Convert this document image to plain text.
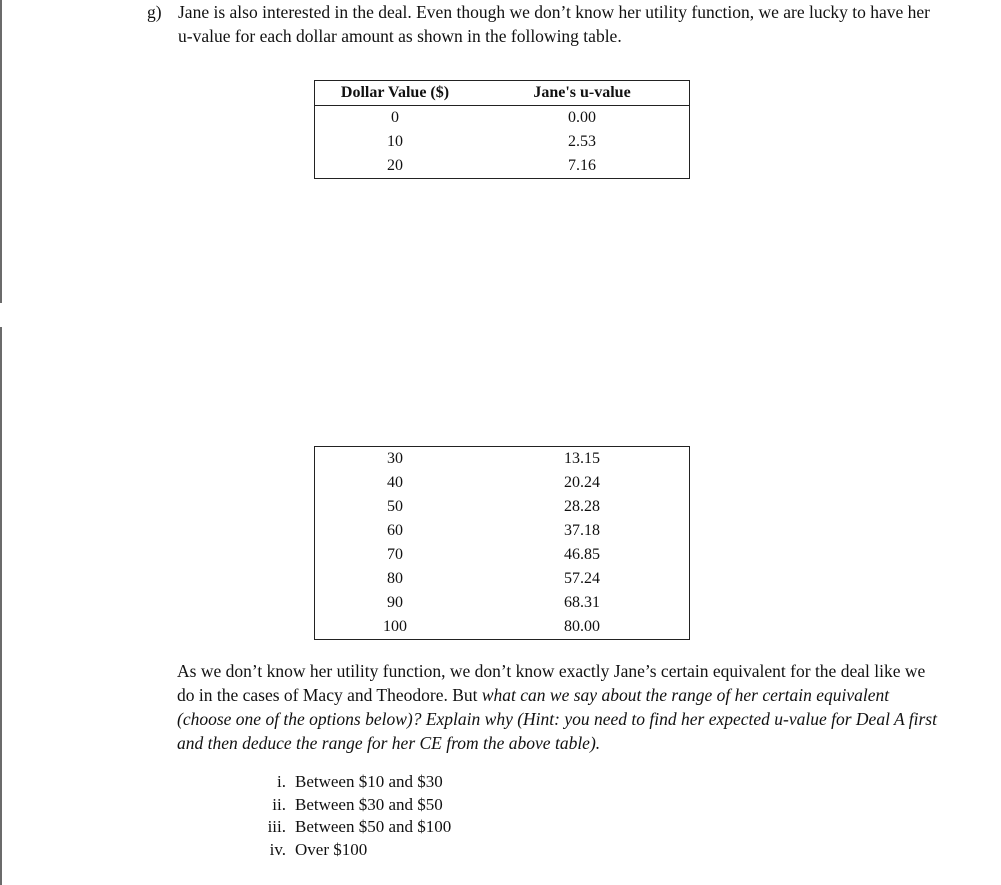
g) Jane is also interested in the deal. Even though we don’t know her utility function, we are lucky to have her u-value for each dollar amount as shown in the following table.
Dollar Value ($)	Jane's u-value
0	0.00
10	2.53
20	7.16
30	13.15
40	20.24
50	28.28
60	37.18
70	46.85
80	57.24
90	68.31
100	80.00
As we don’t know her utility function, we don’t know exactly Jane’s certain equivalent for the deal like we do in the cases of Macy and Theodore. But what can we say about the range of her certain equivalent (choose one of the options below)? Explain why (Hint: you need to find her expected u-value for Deal A first and then deduce the range for her CE from the above table).
i. Between $10 and $30
ii. Between $30 and $50
iii. Between $50 and $100
iv. Over $100
